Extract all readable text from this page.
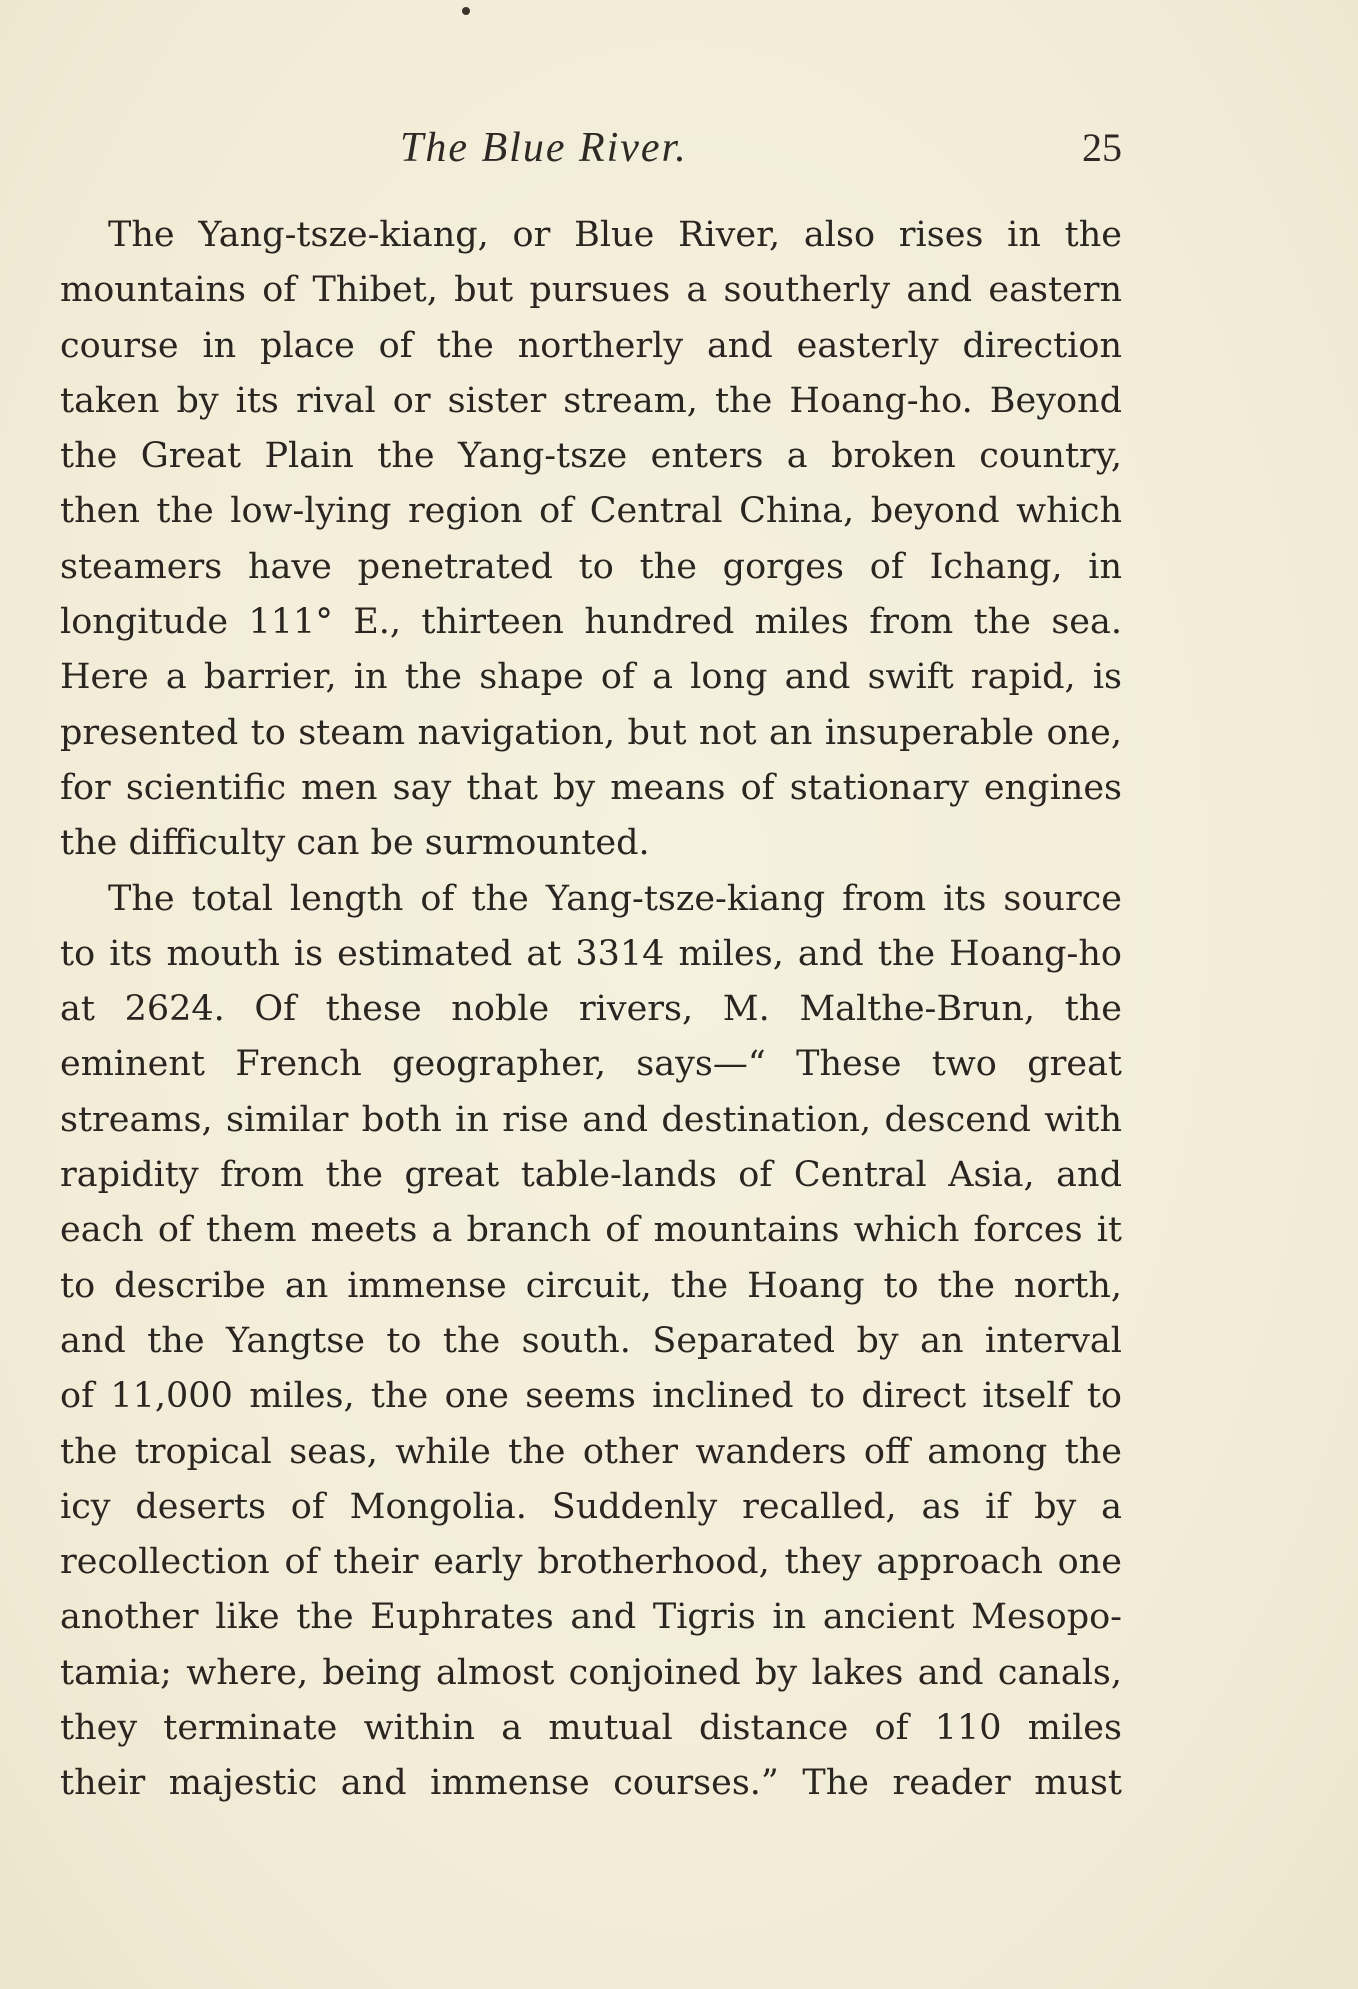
The Blue River.	25
The Yang-tsze-kiang, or Blue River, also rises in the
mountains of Thibet, but pursues a southerly and eastern
course in place of the northerly and easterly direction
taken by its rival or sister stream, the Hoang-ho. Beyond
the Great Plain the Yang-tsze enters a broken country,
then the low-lying region of Central China, beyond which
steamers have penetrated to the gorges of Ichang, in
longitude 111° E., thirteen hundred miles from the sea.
Here a barrier, in the shape of a long and swift rapid, is
presented to steam navigation, but not an insuperable one,
for scientific men say that by means of stationary engines
the difficulty can be surmounted.
The total length of the Yang-tsze-kiang from its source
to its mouth is estimated at 3314 miles, and the Hoang-ho
at 2624. Of these noble rivers, M. Malthe-Brun, the
eminent French geographer, says—“ These two great
streams, similar both in rise and destination, descend with
rapidity from the great table-lands of Central Asia, and
each of them meets a branch of mountains which forces it
to describe an immense circuit, the Hoang to the north,
and the Yangtse to the south. Separated by an interval
of 11,000 miles, the one seems inclined to direct itself to
the tropical seas, while the other wanders off among the
icy deserts of Mongolia. Suddenly recalled, as if by a
recollection of their early brotherhood, they approach one
another like the Euphrates and Tigris in ancient Mesopo-
tamia; where, being almost conjoined by lakes and canals,
they terminate within a mutual distance of 110 miles
their majestic and immense courses.” The reader must
